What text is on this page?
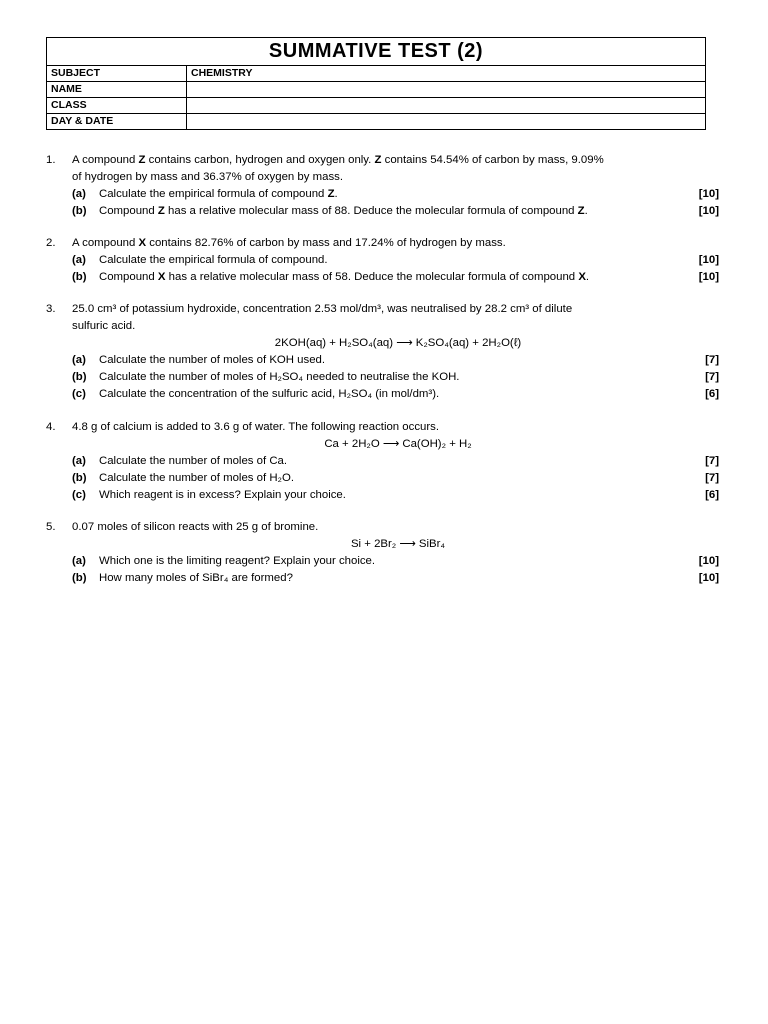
SUMMATIVE TEST (2)	
SUBJECT	CHEMISTRY
NAME	
CLASS	
DAY & DATE	
1. A compound Z contains carbon, hydrogen and oxygen only. Z contains 54.54% of carbon by mass, 9.09%
of hydrogen by mass and 36.37% of oxygen by mass.
(a) Calculate the empirical formula of compound Z.	[10]
(b) Compound Z has a relative molecular mass of 88. Deduce the molecular formula of compound Z.	[10]
2. A compound X contains 82.76% of carbon by mass and 17.24% of hydrogen by mass.
(a) Calculate the empirical formula of compound.	[10]
(b) Compound X has a relative molecular mass of 58. Deduce the molecular formula of compound X.	[10]
3. 25.0 cm³ of potassium hydroxide, concentration 2.53 mol/dm³, was neutralised by 28.2 cm³ of dilute
sulfuric acid.
2KOH(aq) + H₂SO₄(aq) ⟶ K₂SO₄(aq) + 2H₂O(ℓ)
(a) Calculate the number of moles of KOH used.	[7]
(b) Calculate the number of moles of H₂SO₄ needed to neutralise the KOH.	[7]
(c) Calculate the concentration of the sulfuric acid, H₂SO₄ (in mol/dm³).	[6]
4. 4.8 g of calcium is added to 3.6 g of water. The following reaction occurs.
Ca + 2H₂O ⟶ Ca(OH)₂ + H₂
(a) Calculate the number of moles of Ca.	[7]
(b) Calculate the number of moles of H₂O.	[7]
(c) Which reagent is in excess? Explain your choice.	[6]
5. 0.07 moles of silicon reacts with 25 g of bromine.
Si + 2Br₂ ⟶ SiBr₄
(a) Which one is the limiting reagent? Explain your choice.	[10]
(b) How many moles of SiBr₄ are formed?	[10]
